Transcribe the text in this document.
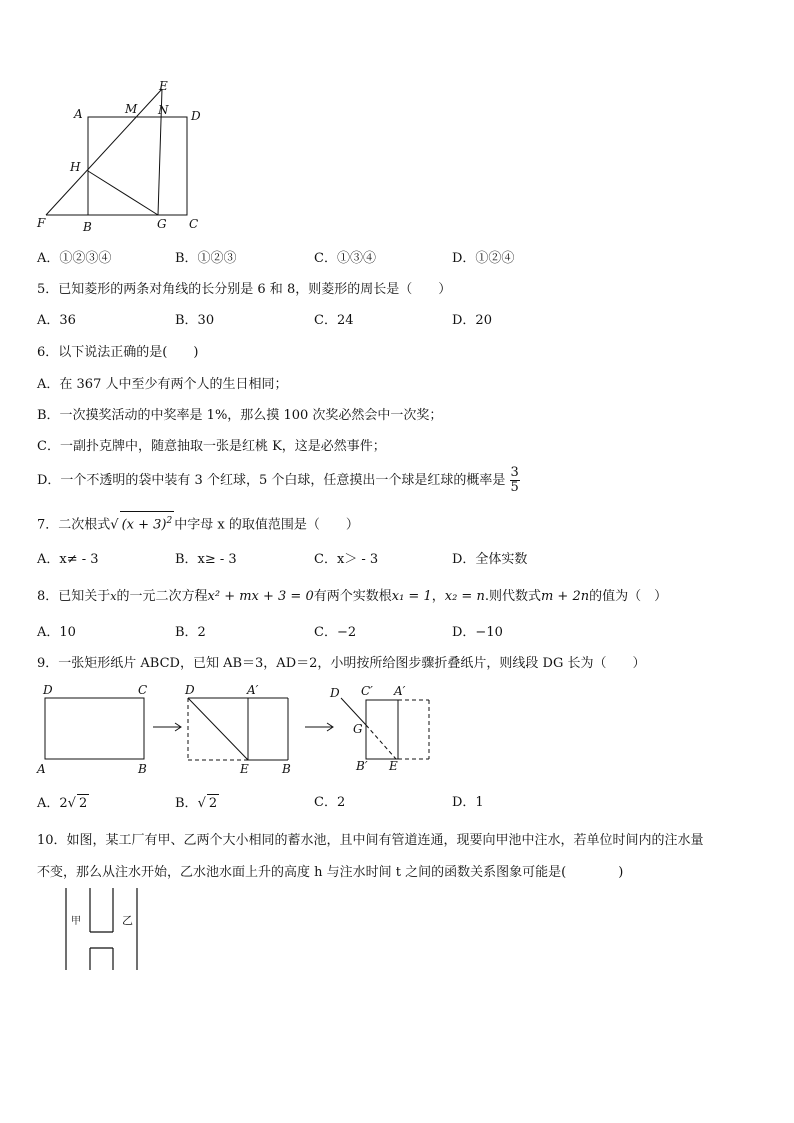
E
A	M N D
H
F	B	G C
A．①②③④	B．①②③	C．①③④	D．①②④
5．已知菱形的两条对角线的长分别是 6 和 8，则菱形的周长是（　　）
A．36	B．30	C．24	D．20
6．以下说法正确的是(　　)
A．在 367 人中至少有两个人的生日相同；
B．一次摸奖活动的中奖率是 1%，那么摸 100 次奖必然会中一次奖；
C．一副扑克牌中，随意抽取一张是红桃 K，这是必然事件；
D．一个不透明的袋中装有 3 个红球，5 个白球，任意摸出一个球是红球的概率是 $\frac{3}{5}$
7．二次根式√ $(x + 3)^2$ 中字母 x 的取值范围是（　　）
A．x≠ - 3	B．x≥ - 3	C．x＞ - 3	D．全体实数
8．已知关于$^x$的一元二次方程x² + mx + 3 = 0有两个实数根x₁ = 1，x₂ = n.则代数式m + 2n的值为（　）
A．10	B．2	C．−2	D．−10
9．一张矩形纸片 ABCD，已知 AB＝3，AD＝2，小明按所给图步骤折叠纸片，则线段 DG 长为（　　）
D	C
A	B
D	A′
E	B
D C′ A′
G
B′ E
A．2√ 2	B．√ 2	C．2	D．1
10．如图，某工厂有甲、乙两个大小相同的蓄水池，且中间有管道连通，现要向甲池中注水，若单位时间内的注水量
不变，那么从注水开始，乙水池水面上升的高度 h 与注水时间 t 之间的函数关系图象可能是(　　　　)
甲	乙
